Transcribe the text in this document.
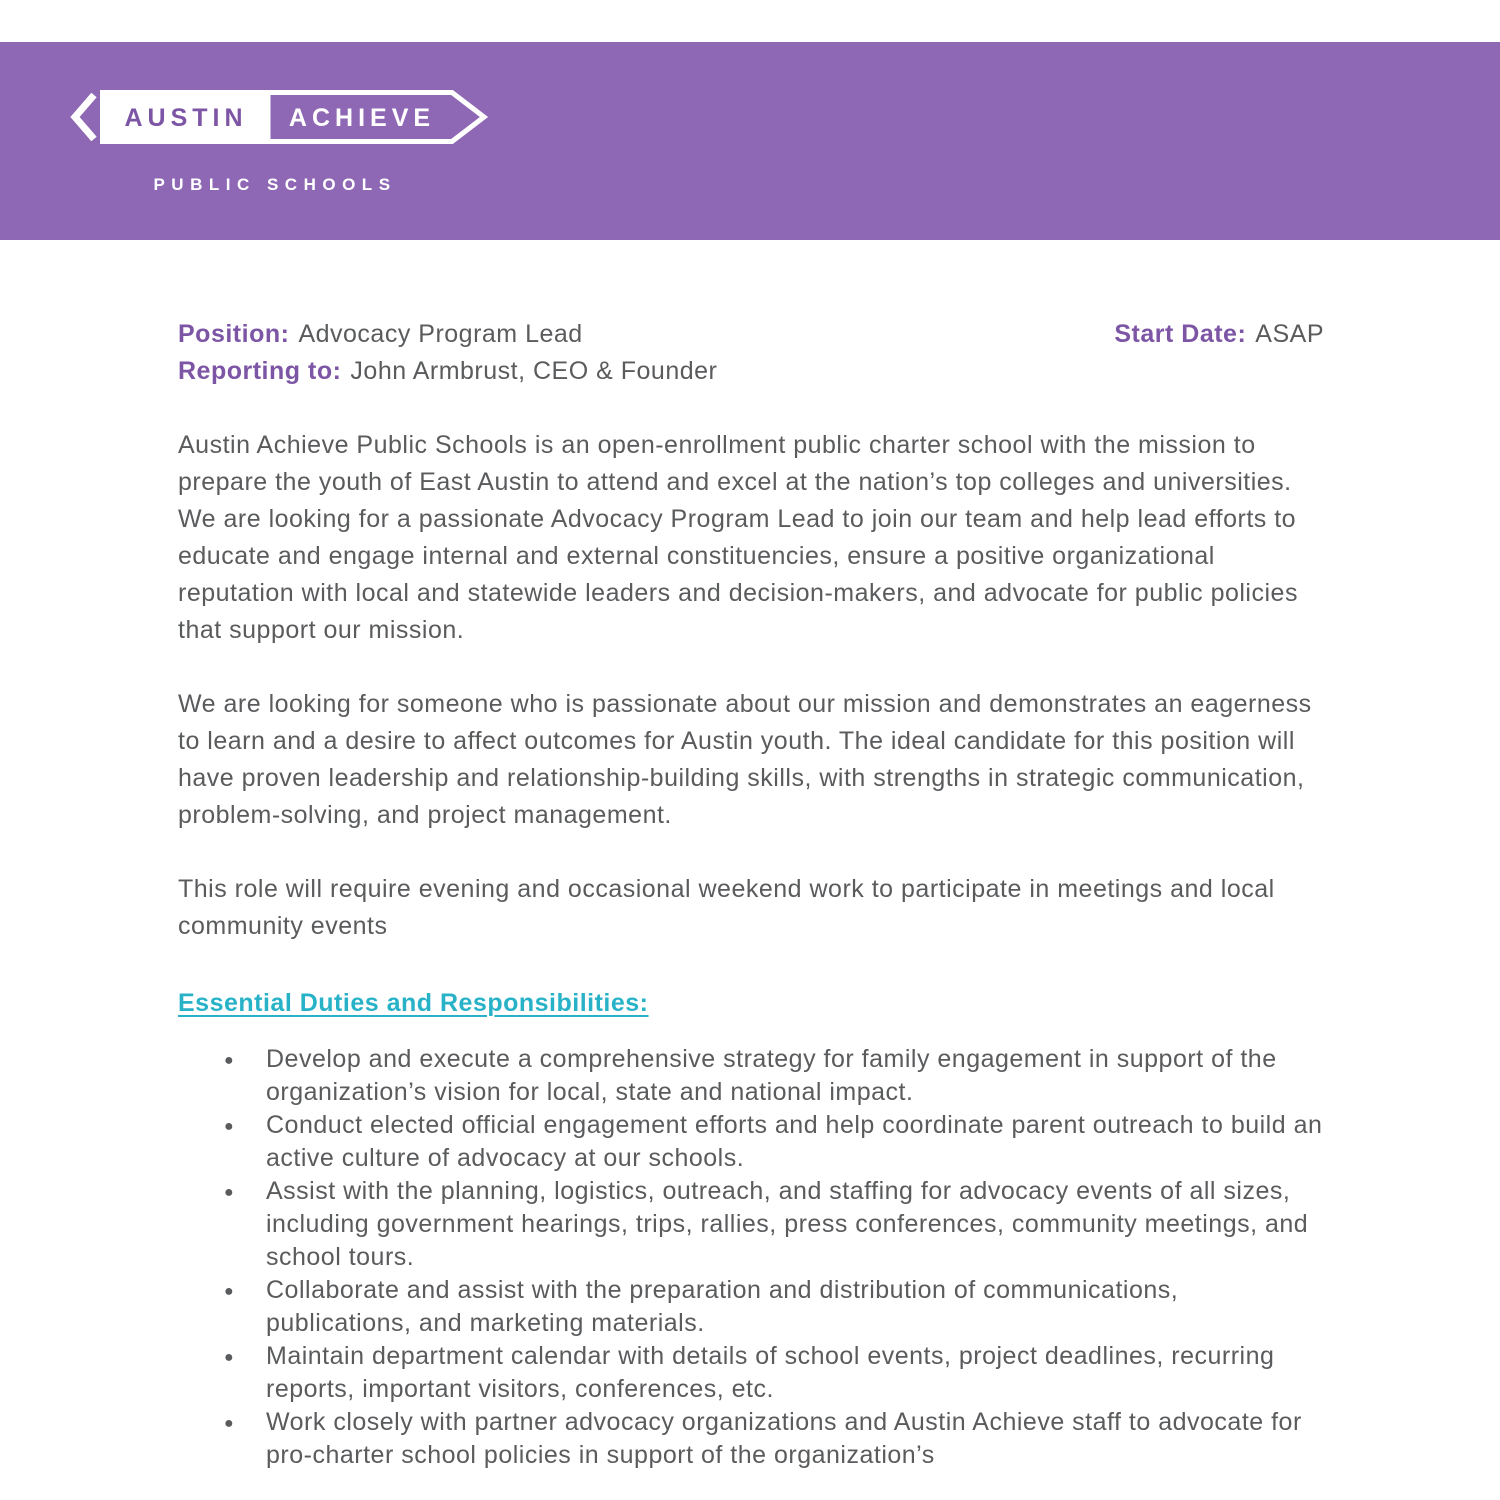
AUSTIN ACHIEVE
PUBLIC SCHOOLS
Position: Advocacy Program Lead	Start Date: ASAP
Reporting to: John Armbrust, CEO & Founder

Austin Achieve Public Schools is an open-enrollment public charter school with the mission to prepare the youth of East Austin to attend and excel at the nation’s top colleges and universities. We are looking for a passionate Advocacy Program Lead to join our team and help lead efforts to educate and engage internal and external constituencies, ensure a positive organizational reputation with local and statewide leaders and decision-makers, and advocate for public policies that support our mission.

We are looking for someone who is passionate about our mission and demonstrates an eagerness to learn and a desire to affect outcomes for Austin youth. The ideal candidate for this position will have proven leadership and relationship-building skills, with strengths in strategic communication, problem-solving, and project management.

This role will require evening and occasional weekend work to participate in meetings and local community events

Essential Duties and Responsibilities:
● Develop and execute a comprehensive strategy for family engagement in support of the organization’s vision for local, state and national impact.
● Conduct elected official engagement efforts and help coordinate parent outreach to build an active culture of advocacy at our schools.
● Assist with the planning, logistics, outreach, and staffing for advocacy events of all sizes, including government hearings, trips, rallies, press conferences, community meetings, and school tours.
● Collaborate and assist with the preparation and distribution of communications, publications, and marketing materials.
● Maintain department calendar with details of school events, project deadlines, recurring reports, important visitors, conferences, etc.
● Work closely with partner advocacy organizations and Austin Achieve staff to advocate for pro-charter school policies in support of the organization’s
